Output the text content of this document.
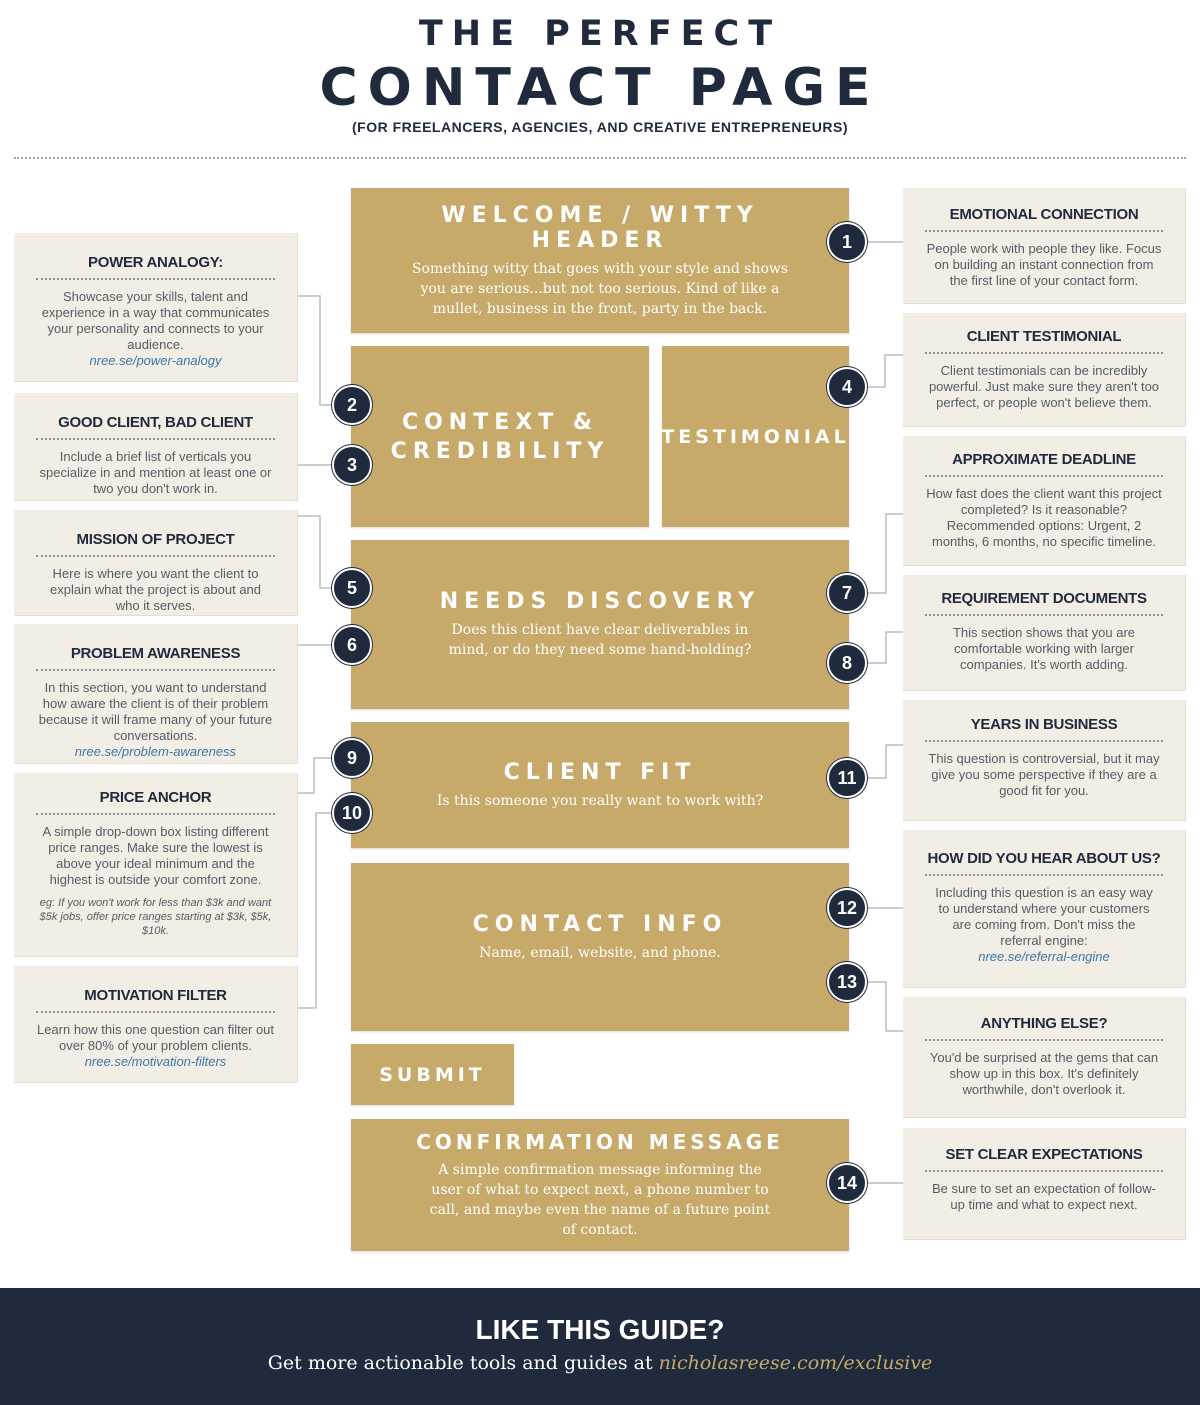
THE PERFECT
CONTACT PAGE
(FOR FREELANCERS, AGENCIES, AND CREATIVE ENTREPRENEURS)
WELCOME / WITTY HEADER
Something witty that goes with your style and shows you are serious...but not too serious. Kind of like a mullet, business in the front, party in the back.
CONTEXT &
CREDIBILITY
TESTIMONIAL
NEEDS DISCOVERY
Does this client have clear deliverables in mind, or do they need some hand-holding?
CLIENT FIT
Is this someone you really want to work with?
CONTACT INFO
Name, email, website, and phone.
SUBMIT
CONFIRMATION MESSAGE
A simple confirmation message informing the user of what to expect next, a phone number to call, and maybe even the name of a future point of contact.
POWER ANALOGY:
Showcase your skills, talent and experience in a way that communicates your personality and connects to your audience.
nree.se/power-analogy
GOOD CLIENT, BAD CLIENT
Include a brief list of verticals you specialize in and mention at least one or two you don't work in.
MISSION OF PROJECT
Here is where you want the client to explain what the project is about and who it serves.
PROBLEM AWARENESS
In this section, you want to understand how aware the client is of their problem because it will frame many of your future conversations.
nree.se/problem-awareness
PRICE ANCHOR
A simple drop-down box listing different price ranges. Make sure the lowest is above your ideal minimum and the highest is outside your comfort zone.
eg: If you won't work for less than $3k and want $5k jobs, offer price ranges starting at $3k, $5k, $10k.
MOTIVATION FILTER
Learn how this one question can filter out over 80% of your problem clients.
nree.se/motivation-filters
EMOTIONAL CONNECTION
People work with people they like. Focus on building an instant connection from the first line of your contact form.
CLIENT TESTIMONIAL
Client testimonials can be incredibly powerful. Just make sure they aren't too perfect, or people won't believe them.
APPROXIMATE DEADLINE
How fast does the client want this project completed? Is it reasonable? Recommended options: Urgent, 2 months, 6 months, no specific timeline.
REQUIREMENT DOCUMENTS
This section shows that you are comfortable working with larger companies. It's worth adding.
YEARS IN BUSINESS
This question is controversial, but it may give you some perspective if they are a good fit for you.
HOW DID YOU HEAR ABOUT US?
Including this question is an easy way to understand where your customers are coming from. Don't miss the referral engine:
nree.se/referral-engine
ANYTHING ELSE?
You'd be surprised at the gems that can show up in this box. It's definitely worthwhile, don't overlook it.
SET CLEAR EXPECTATIONS
Be sure to set an expectation of follow-up time and what to expect next.
1
2
3
4
5
6
7
8
9
10
11
12
13
14
LIKE THIS GUIDE?
Get more actionable tools and guides at nicholasreese.com/exclusive
